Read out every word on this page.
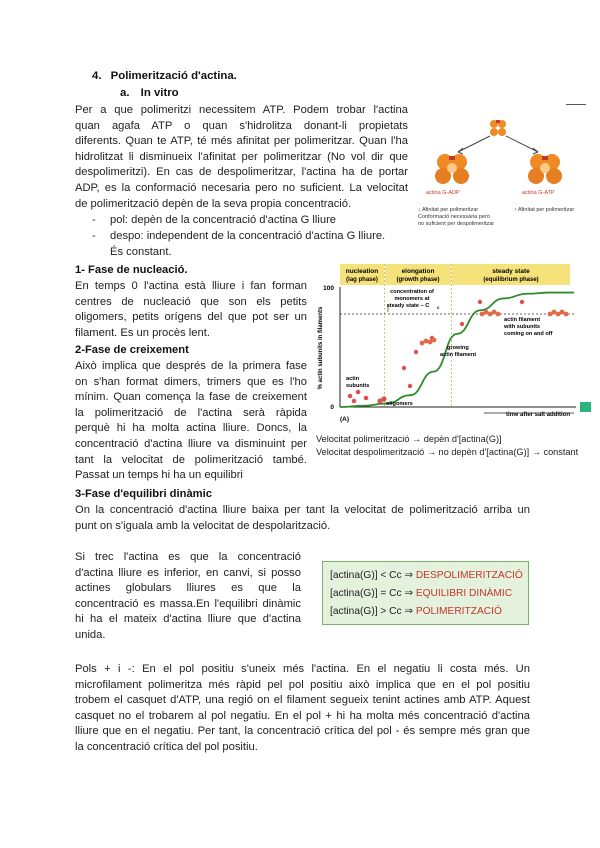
4. Polimerització d'actina.
a. In vitro
Per a que polimeritzi necessitem ATP. Podem trobar l'actina
quan agafa ATP o quan s'hidrolitza donant-li propietats
diferents. Quan te ATP, té més afinitat per polimeritzar. Quan l'ha
hidrolitzat li disminueix l'afinitat per polimeritzar (No vol dir que
despolimeritzi). En cas de despolimeritzar, l'actina ha de portar
ADP, es la conformació necesaria pero no suficient. La velocitat
de polimerització depèn de la seva propia concentració.
- pol: depèn de la concentració d'actina G lliure
- despo: independent de la concentració d'actina G lliure.
És constant.
actina G-ADP	actina G-ATP
↓ Afinitat per polimeritzar
Conformació necessària però
no suficient per despolimeritzar
↑ Afinitat per polimeritzar
1- Fase de nucleació.
En temps 0 l'actina està lliure i fan forman
centres de nucleació que son els petits
oligomers, petits orígens del que pot ser un
filament. Es un procès lent.
2-Fase de creixement
Això implica que després de la primera fase
on s'han format dimers, trimers que es l'ho
mínim. Quan comença la fase de creixement
la polimerització de l'actina serà ràpida
perquè hi ha molta actina lliure. Doncs, la
concentració d'actina lliure va disminuint per
tant la velocitat de polimerització també.
Passat un temps hi ha un equilibri
nucleation
(lag phase)
elongation
(growth phase)
steady state
(equilibrium phase)
100
0
% actin subunits in filaments
(A)
time after salt addition
concentration of
monomers at
steady state – C c
actin filament
with subunits
coming on and off
growing
actin filament
actin
subunits
oligomers
Velocitat polimerització → depèn d'[actina(G)]
Velocitat despolimerització → no depèn d'[actina(G)] → constant
3-Fase d'equilibri dinàmic
On la concentració d'actina lliure baixa per tant la velocitat de polimerització arriba un
punt on s'iguala amb la velocitat de despolarització.
Si trec l'actina es que la concentració
d'actina lliure es inferior, en canvi, si posso
actines globulars lliures es que la
concentració es massa.En l'equilibri dinàmic
hi ha el mateix d'actina lliure que d'actina
unida.
[actina(G)] < Cc ⇒ DESPOLIMERITZACIÓ
[actina(G)] = Cc ⇒ EQUILIBRI DINÀMIC
[actina(G)] > Cc ⇒ POLIMERITZACIÓ
Pols + i -: En el pol positiu s'uneix més l'actina. En el negatiu li costa més. Un
microfilament polimeritza més ràpid pel pol positiu això implica que en el pol positiu
trobem el casquet d'ATP, una regió on el filament segueix tenint actines amb ATP. Aquest
casquet no el trobarem al pol negatiu. En el pol + hi ha molta més concentració d'actina
lliure que en el negatiu. Per tant, la concentració crítica del pol - és sempre més gran que
la concentració crítica del pol positiu.
